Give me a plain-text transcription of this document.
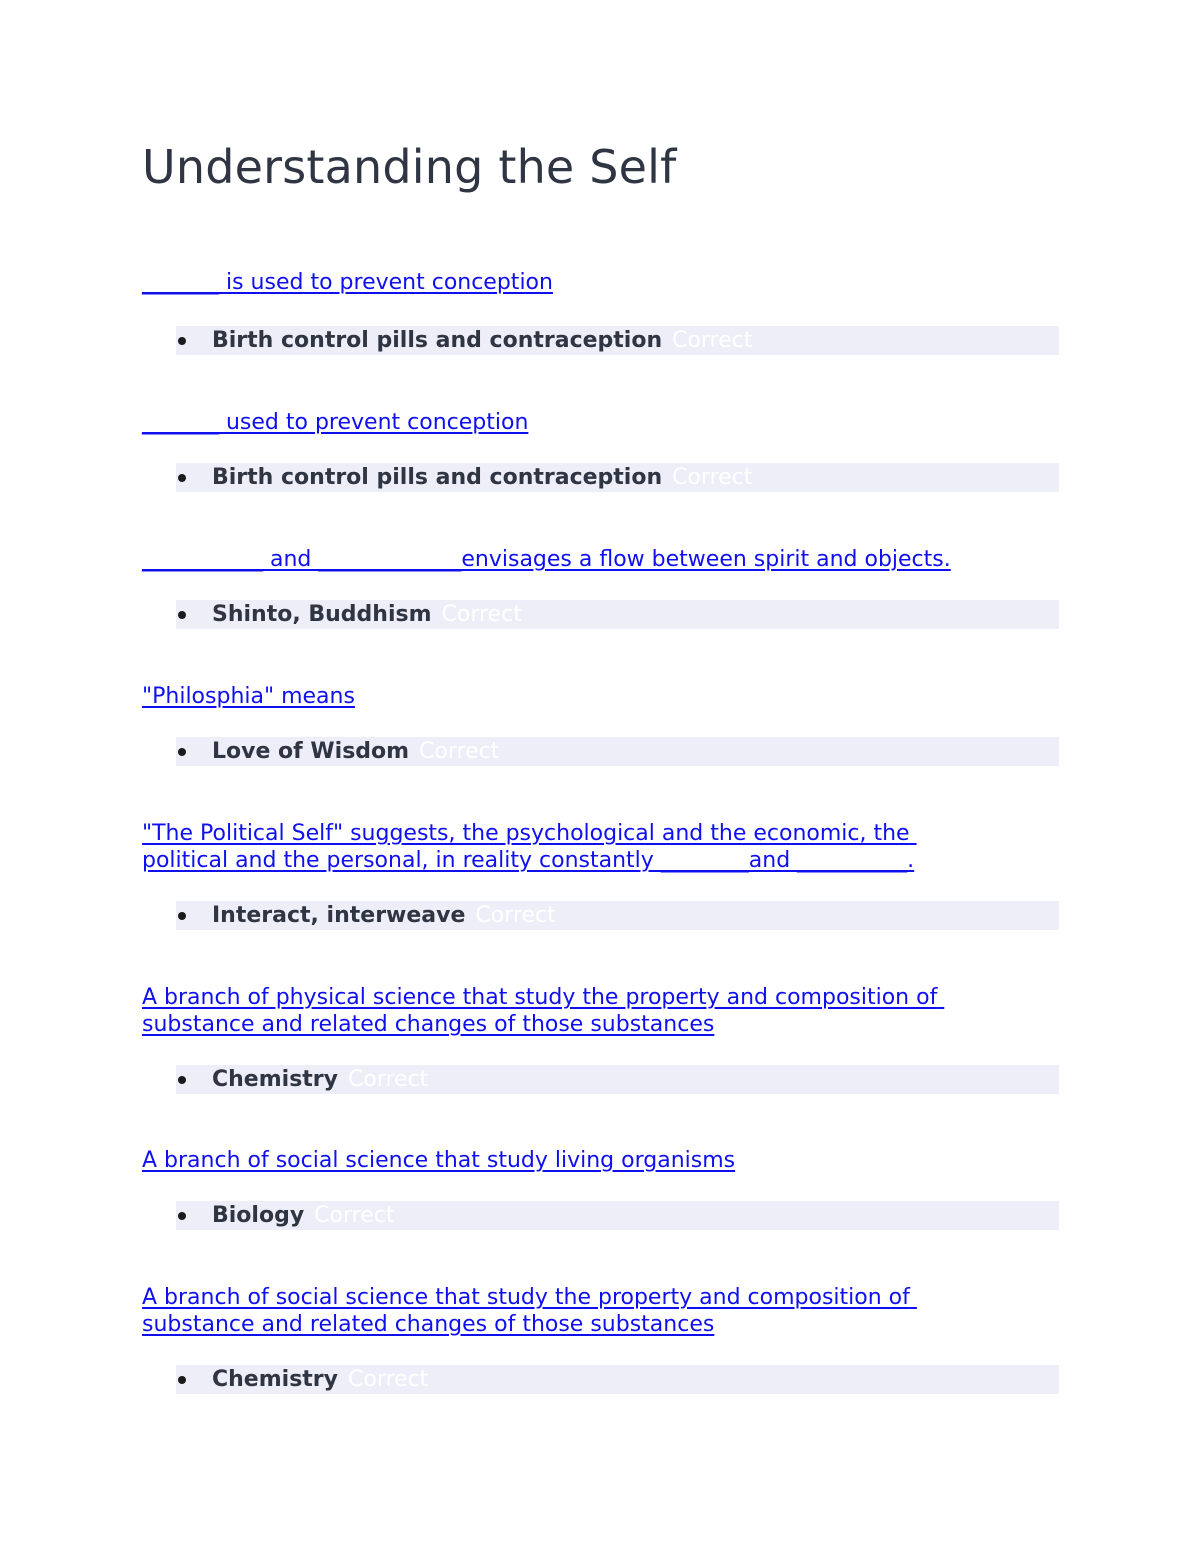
Understanding the Self
_______ is used to prevent conception
Birth control pills and contraception Correct
_______ used to prevent conception
Birth control pills and contraception Correct
___________ and _____________envisages a flow between spirit and objects.
Shinto, Buddhism Correct
"Philosphia" means
Love of Wisdom Correct
"The Political Self" suggests, the psychological and the economic, the political and the personal, in reality constantly ________and __________.
Interact, interweave Correct
A branch of physical science that study the property and composition of substance and related changes of those substances
Chemistry Correct
A branch of social science that study living organisms
Biology Correct
A branch of social science that study the property and composition of substance and related changes of those substances
Chemistry Correct
